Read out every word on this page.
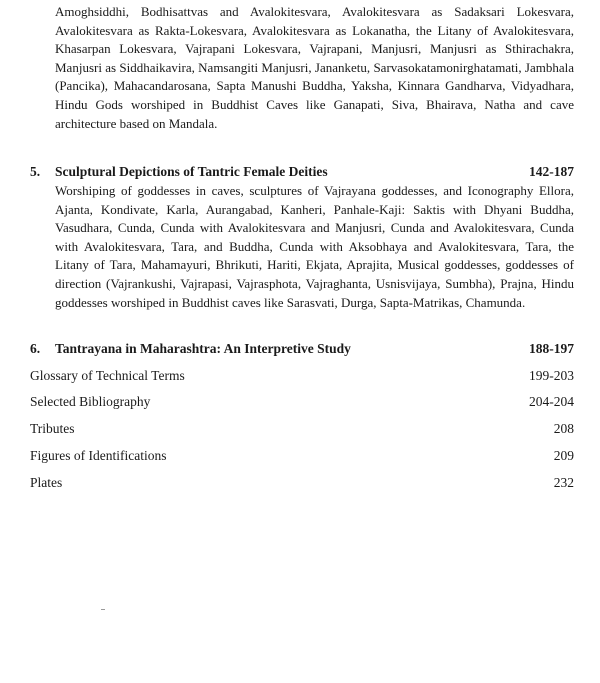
Amoghsiddhi, Bodhisattvas and Avalokitesvara, Avalokitesvara as Sadaksari Lokesvara, Avalokitesvara as Rakta-Lokesvara, Avalokitesvara as Lokanatha, the Litany of Avalokitesvara, Khasarpan Lokesvara, Vajrapani Lokesvara, Vajrapani, Manjusri, Manjusri as Sthirachakra, Manjusri as Siddhaikavira, Namsangiti Manjusri, Jananketu, Sarvasokatamonirghatamati, Jambhala (Pancika), Mahacandarosana, Sapta Manushi Buddha, Yaksha, Kinnara Gandharva, Vidyadhara, Hindu Gods worshiped in Buddhist Caves like Ganapati, Siva, Bhairava, Natha and cave architecture based on Mandala.

5. Sculptural Depictions of Tantric Female Deities	142-187

Worshiping of goddesses in caves, sculptures of Vajrayana goddesses, and Iconography Ellora, Ajanta, Kondivate, Karla, Aurangabad, Kanheri, Panhale-Kaji: Saktis with Dhyani Buddha, Vasudhara, Cunda, Cunda with Avalokitesvara and Manjusri, Cunda and Avalokitesvara, Cunda with Avalokitesvara, Tara, and Buddha, Cunda with Aksobhaya and Avalokitesvara, Tara, the Litany of Tara, Mahamayuri, Bhrikuti, Hariti, Ekjata, Aprajita, Musical goddesses, goddesses of direction (Vajrankushi, Vajrapasi, Vajrasphota, Vajraghanta, Usnisvijaya, Sumbha), Prajna, Hindu goddesses worshiped in Buddhist caves like Sarasvati, Durga, Sapta-Matrikas, Chamunda.

6. Tantrayana in Maharashtra: An Interpretive Study	188-197
Glossary of Technical Terms	199-203
Selected Bibliography	204-204
Tributes	208
Figures of Identifications	209
Plates	232
